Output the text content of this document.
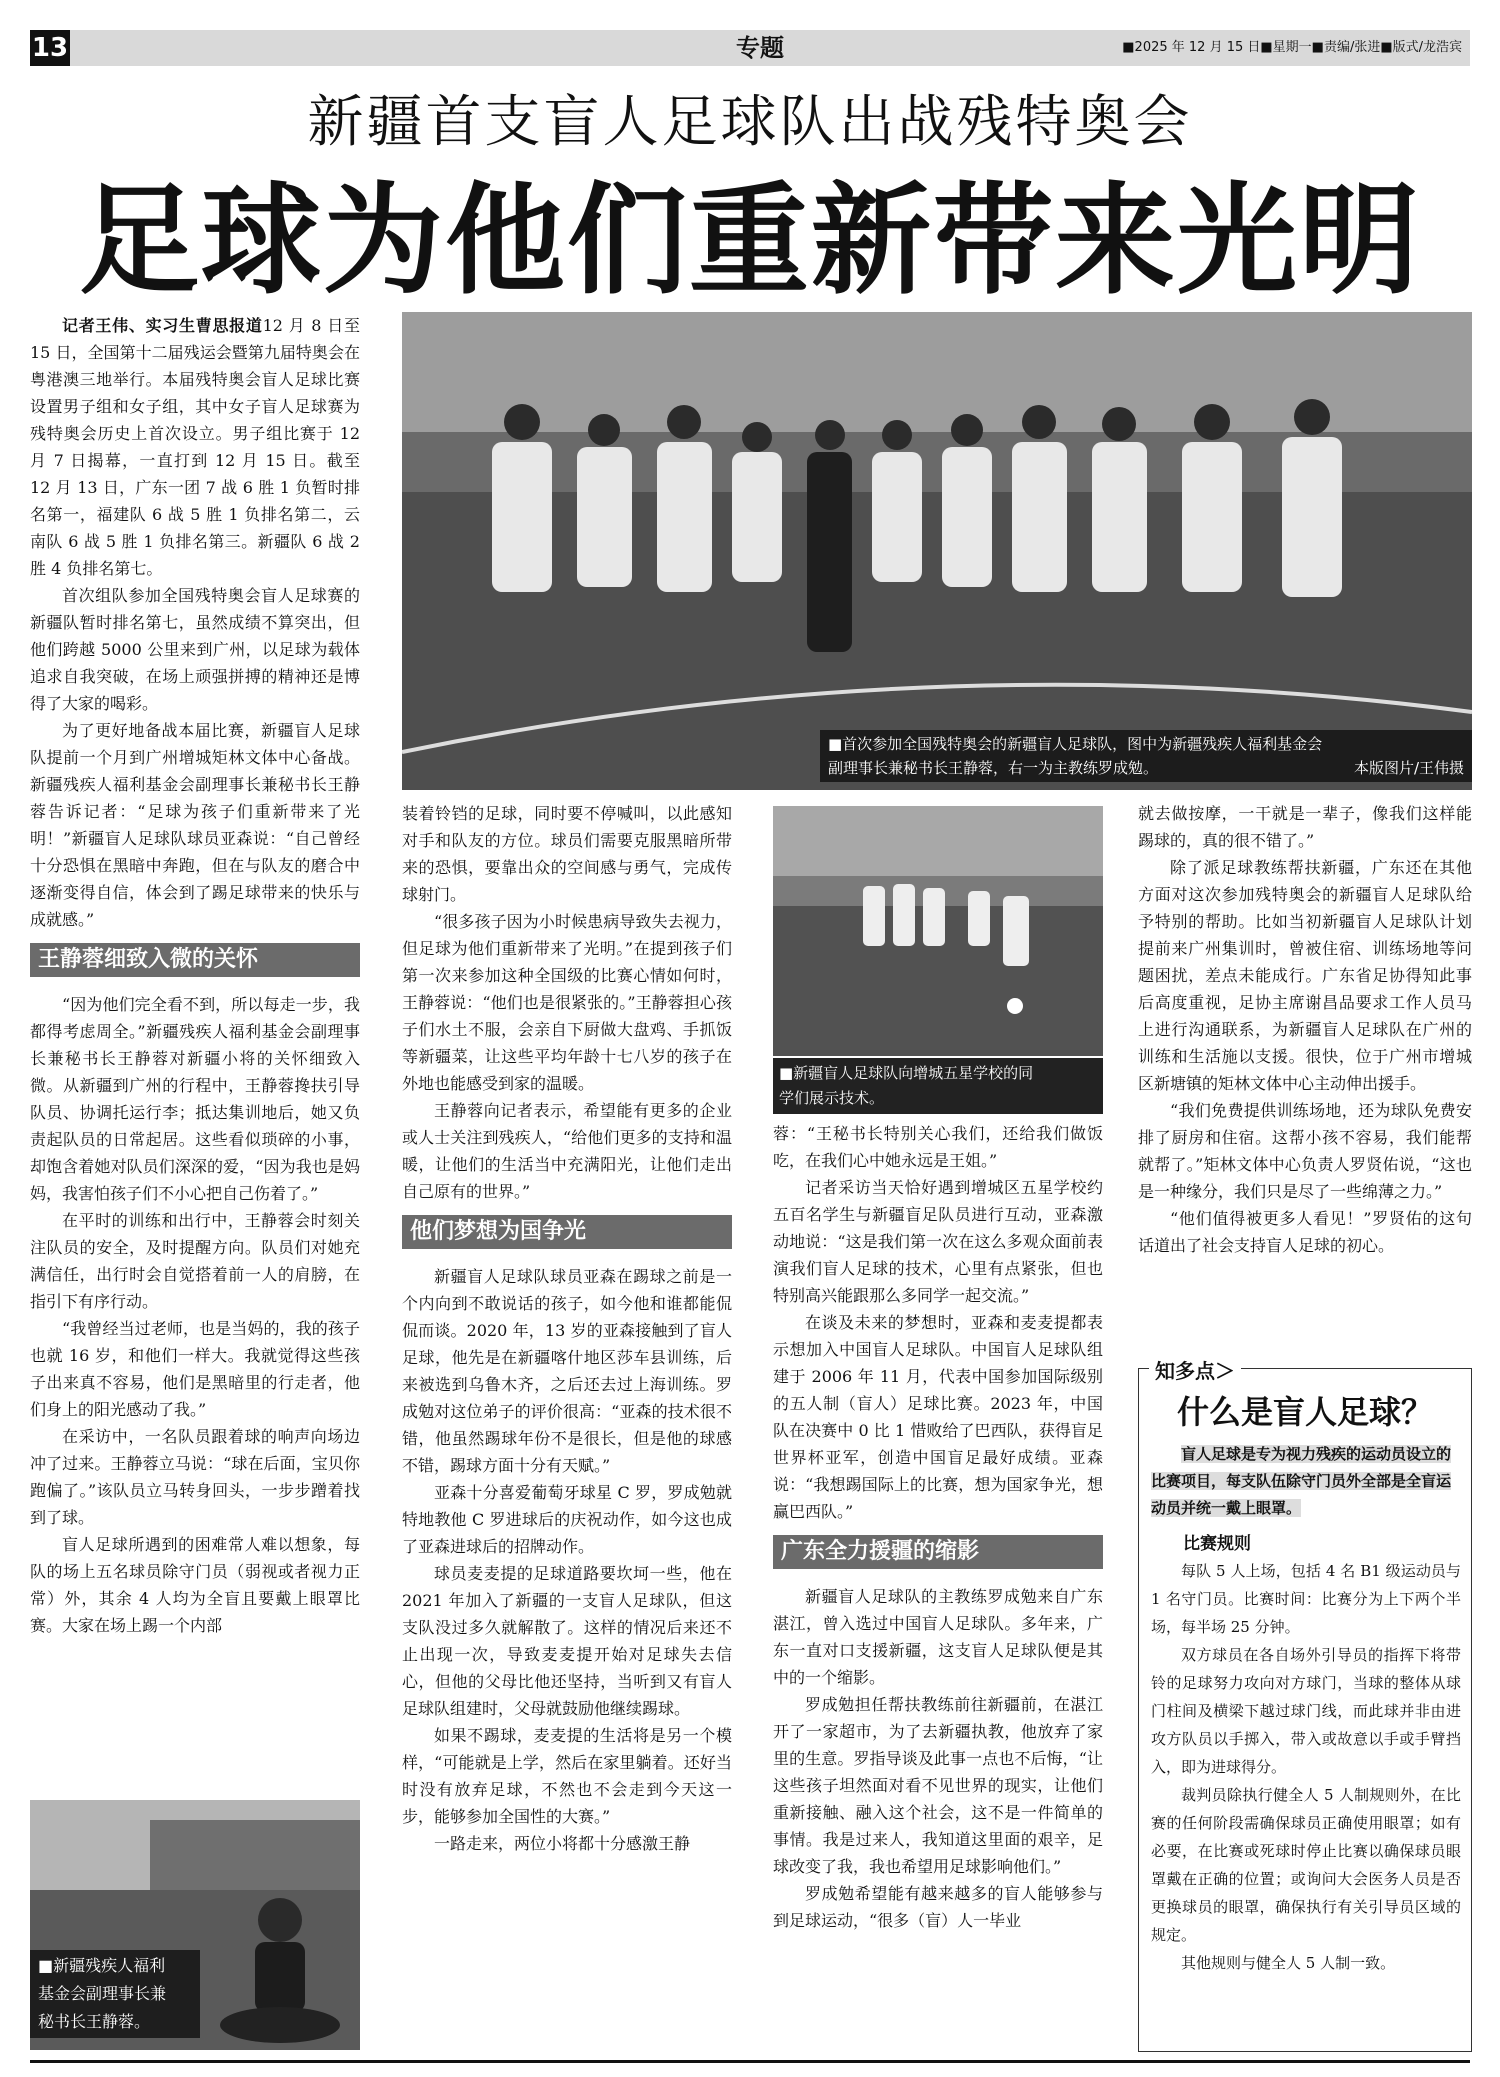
13	专题	■2025 年 12 月 15 日■星期一■责编/张进■版式/龙浩宾
新疆首支盲人足球队出战残特奥会
足球为他们重新带来光明

记者王伟、实习生曹思报道12 月 8 日至 15 日，全国第十二届残运会暨第九届特奥会在粤港澳三地举行。本届残特奥会盲人足球比赛设置男子组和女子组，其中女子盲人足球赛为残特奥会历史上首次设立。男子组比赛于 12 月 7 日揭幕，一直打到 12 月 15 日。截至 12 月 13 日，广东一团 7 战 6 胜 1 负暂时排名第一，福建队 6 战 5 胜 1 负排名第二，云南队 6 战 5 胜 1 负排名第三。新疆队 6 战 2 胜 4 负排名第七。

首次组队参加全国残特奥会盲人足球赛的新疆队暂时排名第七，虽然成绩不算突出，但他们跨越 5000 公里来到广州，以足球为载体追求自我突破，在场上顽强拼搏的精神还是博得了大家的喝彩。

为了更好地备战本届比赛，新疆盲人足球队提前一个月到广州增城矩林文体中心备战。新疆残疾人福利基金会副理事长兼秘书长王静蓉告诉记者：“足球为孩子们重新带来了光明！”新疆盲人足球队球员亚森说：“自己曾经十分恐惧在黑暗中奔跑，但在与队友的磨合中逐渐变得自信，体会到了踢足球带来的快乐与成就感。”

王静蓉细致入微的关怀

“因为他们完全看不到，所以每走一步，我都得考虑周全。”新疆残疾人福利基金会副理事长兼秘书长王静蓉对新疆小将的关怀细致入微。从新疆到广州的行程中，王静蓉搀扶引导队员、协调托运行李；抵达集训地后，她又负责起队员的日常起居。这些看似琐碎的小事，却饱含着她对队员们深深的爱，“因为我也是妈妈，我害怕孩子们不小心把自己伤着了。”

在平时的训练和出行中，王静蓉会时刻关注队员的安全，及时提醒方向。队员们对她充满信任，出行时会自觉搭着前一人的肩膀，在指引下有序行动。

“我曾经当过老师，也是当妈的，我的孩子也就 16 岁，和他们一样大。我就觉得这些孩子出来真不容易，他们是黑暗里的行走者，他们身上的阳光感动了我。”

在采访中，一名队员跟着球的响声向场边冲了过来。王静蓉立马说：“球在后面，宝贝你跑偏了。”该队员立马转身回头，一步步蹭着找到了球。

盲人足球所遇到的困难常人难以想象，每队的场上五名球员除守门员（弱视或者视力正常）外，其余 4 人均为全盲且要戴上眼罩比赛。大家在场上踢一个内部

■新疆残疾人福利
基金会副理事长兼
秘书长王静蓉。
■首次参加全国残特奥会的新疆盲人足球队，图中为新疆残疾人福利基金会
副理事长兼秘书长王静蓉，右一为主教练罗成勉。	本版图片/王伟摄

装着铃铛的足球，同时要不停喊叫，以此感知对手和队友的方位。球员们需要克服黑暗所带来的恐惧，要靠出众的空间感与勇气，完成传球射门。

“很多孩子因为小时候患病导致失去视力，但足球为他们重新带来了光明。”在提到孩子们第一次来参加这种全国级的比赛心情如何时，王静蓉说：“他们也是很紧张的。”王静蓉担心孩子们水土不服，会亲自下厨做大盘鸡、手抓饭等新疆菜，让这些平均年龄十七八岁的孩子在外地也能感受到家的温暖。

王静蓉向记者表示，希望能有更多的企业或人士关注到残疾人，“给他们更多的支持和温暖，让他们的生活当中充满阳光，让他们走出自己原有的世界。”

他们梦想为国争光

新疆盲人足球队球员亚森在踢球之前是一个内向到不敢说话的孩子，如今他和谁都能侃侃而谈。2020 年，13 岁的亚森接触到了盲人足球，他先是在新疆喀什地区莎车县训练，后来被选到乌鲁木齐，之后还去过上海训练。罗成勉对这位弟子的评价很高：“亚森的技术很不错，他虽然踢球年份不是很长，但是他的球感不错，踢球方面十分有天赋。”

亚森十分喜爱葡萄牙球星 C 罗，罗成勉就特地教他 C 罗进球后的庆祝动作，如今这也成了亚森进球后的招牌动作。

球员麦麦提的足球道路要坎坷一些，他在 2021 年加入了新疆的一支盲人足球队，但这支队没过多久就解散了。这样的情况后来还不止出现一次，导致麦麦提开始对足球失去信心，但他的父母比他还坚持，当听到又有盲人足球队组建时，父母就鼓励他继续踢球。

如果不踢球，麦麦提的生活将是另一个模样，“可能就是上学，然后在家里躺着。还好当时没有放弃足球，不然也不会走到今天这一步，能够参加全国性的大赛。”

一路走来，两位小将都十分感激王静

■新疆盲人足球队向增城五星学校的同
学们展示技术。

蓉：“王秘书长特别关心我们，还给我们做饭吃，在我们心中她永远是王姐。”

记者采访当天恰好遇到增城区五星学校约五百名学生与新疆盲足队员进行互动，亚森激动地说：“这是我们第一次在这么多观众面前表演我们盲人足球的技术，心里有点紧张，但也特别高兴能跟那么多同学一起交流。”

在谈及未来的梦想时，亚森和麦麦提都表示想加入中国盲人足球队。中国盲人足球队组建于 2006 年 11 月，代表中国参加国际级别的五人制（盲人）足球比赛。2023 年，中国队在决赛中 0 比 1 惜败给了巴西队，获得盲足世界杯亚军，创造中国盲足最好成绩。亚森说：“我想踢国际上的比赛，想为国家争光，想赢巴西队。”

广东全力援疆的缩影

新疆盲人足球队的主教练罗成勉来自广东湛江，曾入选过中国盲人足球队。多年来，广东一直对口支援新疆，这支盲人足球队便是其中的一个缩影。

罗成勉担任帮扶教练前往新疆前，在湛江开了一家超市，为了去新疆执教，他放弃了家里的生意。罗指导谈及此事一点也不后悔，“让这些孩子坦然面对看不见世界的现实，让他们重新接触、融入这个社会，这不是一件简单的事情。我是过来人，我知道这里面的艰辛，足球改变了我，我也希望用足球影响他们。”

罗成勉希望能有越来越多的盲人能够参与到足球运动，“很多（盲）人一毕业

就去做按摩，一干就是一辈子，像我们这样能踢球的，真的很不错了。”

除了派足球教练帮扶新疆，广东还在其他方面对这次参加残特奥会的新疆盲人足球队给予特别的帮助。比如当初新疆盲人足球队计划提前来广州集训时，曾被住宿、训练场地等问题困扰，差点未能成行。广东省足协得知此事后高度重视，足协主席谢昌品要求工作人员马上进行沟通联系，为新疆盲人足球队在广州的训练和生活施以支援。很快，位于广州市增城区新塘镇的矩林文体中心主动伸出援手。

“我们免费提供训练场地，还为球队免费安排了厨房和住宿。这帮小孩不容易，我们能帮就帮了。”矩林文体中心负责人罗贤佑说，“这也是一种缘分，我们只是尽了一些绵薄之力。”

“他们值得被更多人看见！”罗贤佑的这句话道出了社会支持盲人足球的初心。

知多点＞
什么是盲人足球？
盲人足球是专为视力残疾的运动员设立的比赛项目，每支队伍除守门员外全部是全盲运动员并统一戴上眼罩。
比赛规则

每队 5 人上场，包括 4 名 B1 级运动员与 1 名守门员。比赛时间：比赛分为上下两个半场，每半场 25 分钟。

双方球员在各自场外引导员的指挥下将带铃的足球努力攻向对方球门，当球的整体从球门柱间及横梁下越过球门线，而此球并非由进攻方队员以手掷入，带入或故意以手或手臂挡入，即为进球得分。

裁判员除执行健全人 5 人制规则外，在比赛的任何阶段需确保球员正确使用眼罩；如有必要，在比赛或死球时停止比赛以确保球员眼罩戴在正确的位置；或询问大会医务人员是否更换球员的眼罩，确保执行有关引导员区域的规定。

其他规则与健全人 5 人制一致。
